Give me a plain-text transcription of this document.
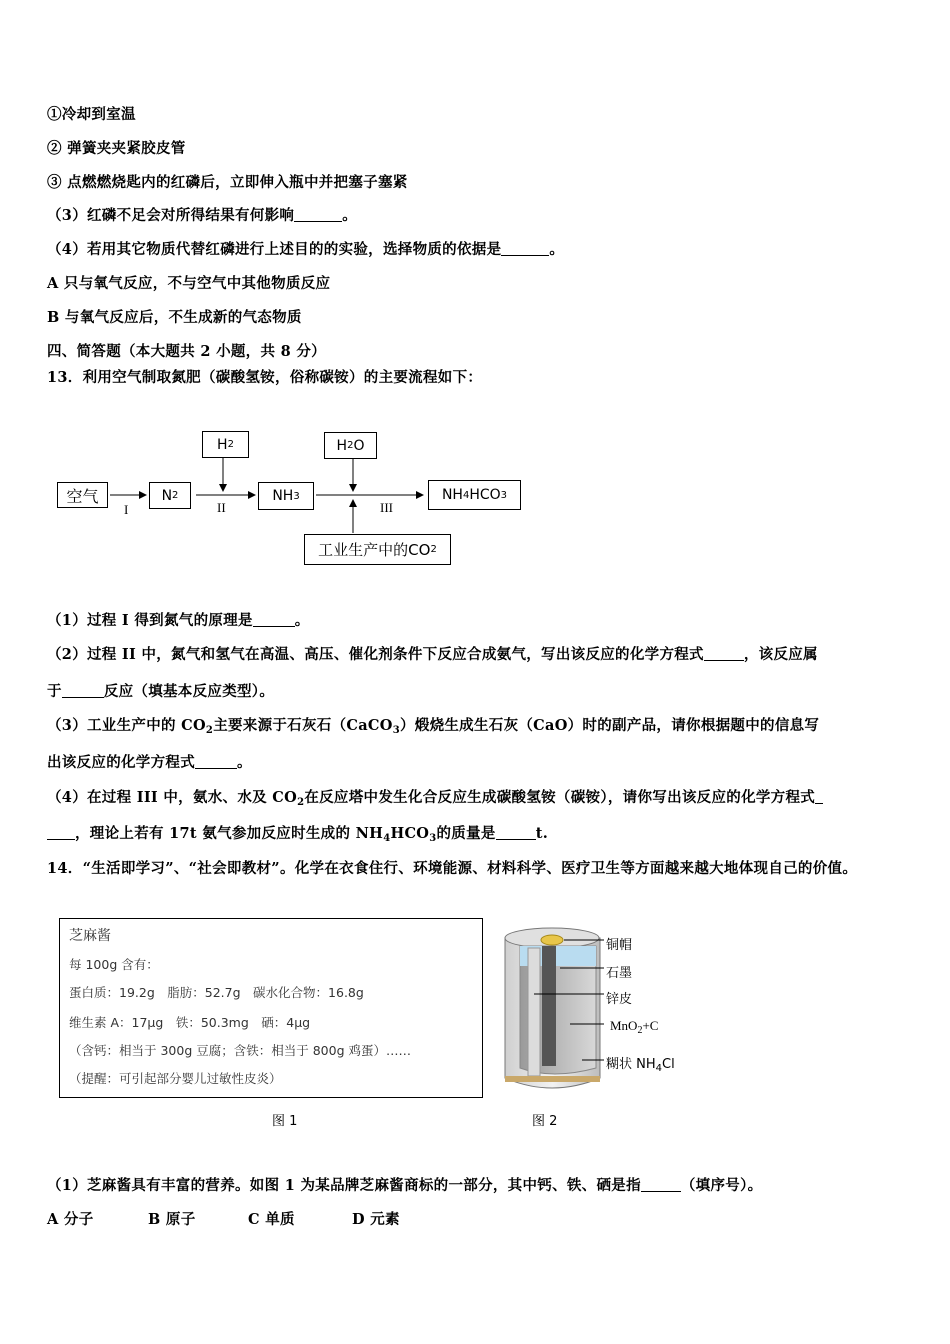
①冷却到室温
② 弹簧夹夹紧胶皮管
③ 点燃燃烧匙内的红磷后，立即伸入瓶中并把塞子塞紧
（3）红磷不足会对所得结果有何影响	。
（4）若用其它物质代替红磷进行上述目的的实验，选择物质的依据是	。
A 只与氧气反应，不与空气中其他物质反应
B 与氧气反应后，不生成新的气态物质
四、简答题（本大题共 2 小题，共 8 分）
13．利用空气制取氮肥（碳酸氢铵，俗称碳铵）的主要流程如下：
空气	N 2
H 2
NH 3
H 2 O
NH 4 HCO 3
工业生产中的CO 2
I	II	III
（1）过程 I 得到氮气的原理是	。
（2）过程 II 中，氮气和氢气在高温、高压、催化剂条件下反应合成氨气，写出该反应的化学方程式	，该反应属
于	反应（填基本反应类型）。
（3）工业生产中的 $CO_2$主要来源于石灰石（CaCO$_3$）煅烧生成生石灰（CaO）时的副产品，请你根据题中的信息写
出该反应的化学方程式	。
（4）在过程 III 中，氨水、水及 $CO_2$在反应塔中发生化合反应生成碳酸氢铵（碳铵），请你写出该反应的化学方程式
，理论上若有 17t 氨气参加反应时生成的 $NH_4HCO_3$的质量是	t.
14．“生活即学习”、“社会即教材”。化学在衣食住行、环境能源、材料科学、医疗卫生等方面越来越大地体现自己的价值。
芝麻酱
每 100g 含有：
蛋白质：19.2g　脂肪：52.7g　碳水化合物：16.8g
维生素 A：17μg　铁：50.3mg　硒：4μg
（含钙：相当于 300g 豆腐；含铁：相当于 800g 鸡蛋）……
（提醒：可引起部分婴儿过敏性皮炎）
图 1
铜帽
石墨
锌皮
MnO$_2$+C
糊状 $NH_4Cl$
图 2
（1）芝麻酱具有丰富的营养。如图 1 为某品牌芝麻酱商标的一部分，其中钙、铁、硒是指	（填序号）。
A 分子	B 原子	C 单质	D 元素
